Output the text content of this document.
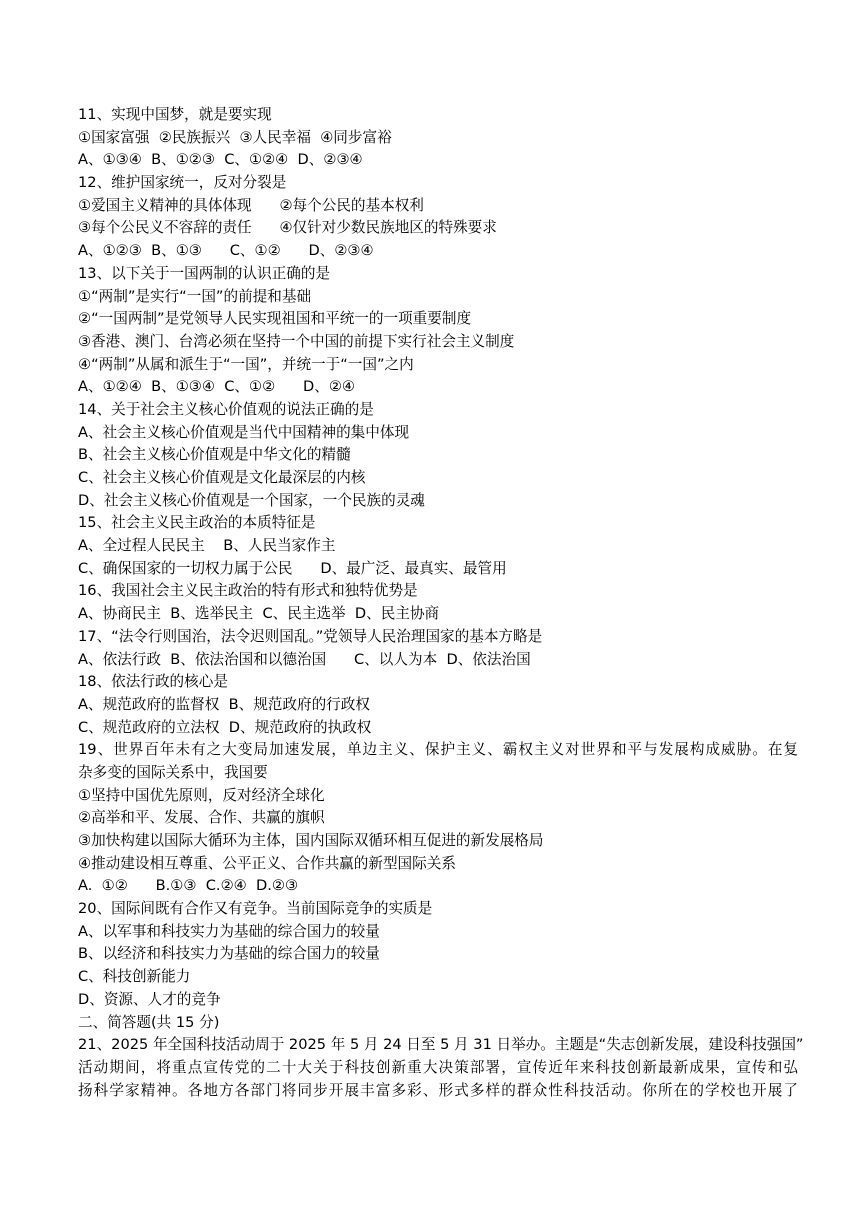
11、实现中国梦，就是要实现
①国家富强  ②民族振兴  ③人民幸福  ④同步富裕
A、①③④  B、①②③  C、①②④  D、②③④
12、维护国家统一，反对分裂是
①爱国主义精神的具体体现      ②每个公民的基本权利
③每个公民义不容辞的责任      ④仅针对少数民族地区的特殊要求
A、①②③  B、①③      C、①②      D、②③④
13、以下关于一国两制的认识正确的是
①“两制”是实行“一国”的前提和基础
②“一国两制”是党领导人民实现祖国和平统一的一项重要制度
③香港、澳门、台湾必须在坚持一个中国的前提下实行社会主义制度
④“两制”从属和派生于“一国”，并统一于“一国”之内
A、①②④  B、①③④  C、①②      D、②④
14、关于社会主义核心价值观的说法正确的是
A、社会主义核心价值观是当代中国精神的集中体现
B、社会主义核心价值观是中华文化的精髓
C、社会主义核心价值观是文化最深层的内核
D、社会主义核心价值观是一个国家，一个民族的灵魂
15、社会主义民主政治的本质特征是
A、全过程人民民主    B、人民当家作主
C、确保国家的一切权力属于公民      D、最广泛、最真实、最管用
16、我国社会主义民主政治的特有形式和独特优势是
A、协商民主  B、选举民主  C、民主选举  D、民主协商
17、“法令行则国治，法令迟则国乱。”党领导人民治理国家的基本方略是
A、依法行政  B、依法治国和以德治国      C、以人为本  D、依法治国
18、依法行政的核心是
A、规范政府的监督权  B、规范政府的行政权
C、规范政府的立法权  D、规范政府的执政权
19、世界百年未有之大变局加速发展，单边主义、保护主义、霸权主义对世界和平与发展构成威胁。在复
杂多变的国际关系中，我国要
①坚持中国优先原则，反对经济全球化
②高举和平、发展、合作、共赢的旗帜
③加快构建以国际大循环为主体，国内国际双循环相互促进的新发展格局
④推动建设相互尊重、公平正义、合作共赢的新型国际关系
A.  ①②      B.①③  C.②④  D.②③
20、国际间既有合作又有竞争。当前国际竞争的实质是
A、以军事和科技实力为基础的综合国力的较量
B、以经济和科技实力为基础的综合国力的较量
C、科技创新能力
D、资源、人才的竞争
二、简答题(共 15 分)
21、2025 年全国科技活动周于 2025 年 5 月 24 日至 5 月 31 日举办。主题是“失志创新发展，建设科技强国”
活动期间，将重点宣传党的二十大关于科技创新重大决策部署，宣传近年来科技创新最新成果，宣传和弘
扬科学家精神。各地方各部门将同步开展丰富多彩、形式多样的群众性科技活动。你所在的学校也开展了
